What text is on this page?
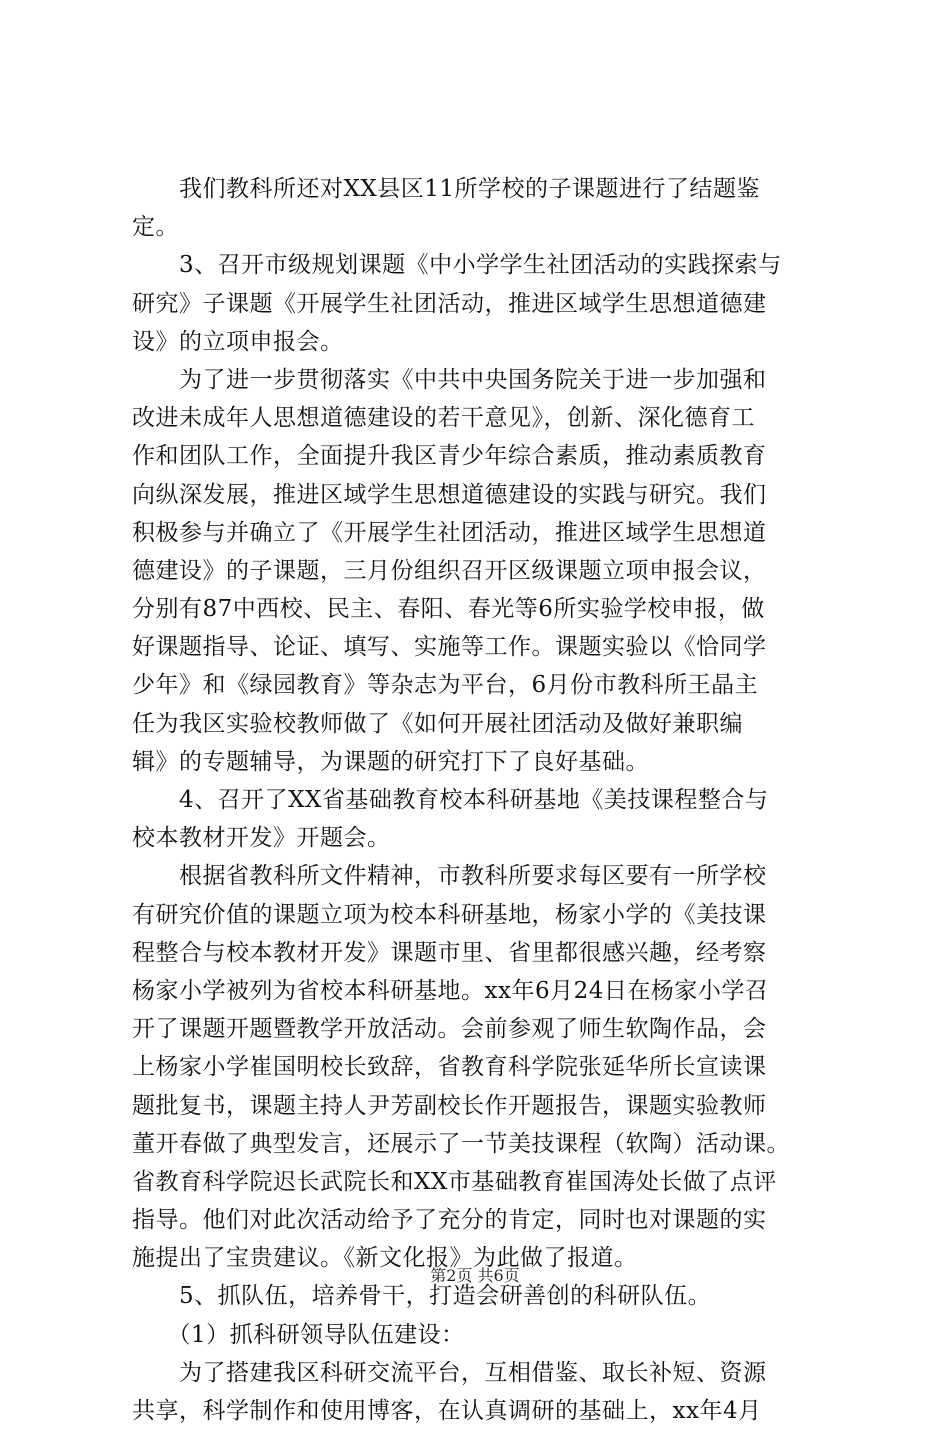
　　我们教科所还对XX县区11所学校的子课题进行了结题鉴
定。
　　3、召开市级规划课题《中小学学生社团活动的实践探索与
研究》子课题《开展学生社团活动，推进区域学生思想道德建
设》的立项申报会。
　　为了进一步贯彻落实《中共中央国务院关于进一步加强和
改进未成年人思想道德建设的若干意见》，创新、深化德育工
作和团队工作，全面提升我区青少年综合素质，推动素质教育
向纵深发展，推进区域学生思想道德建设的实践与研究。我们
积极参与并确立了《开展学生社团活动，推进区域学生思想道
德建设》的子课题，三月份组织召开区级课题立项申报会议，
分别有87中西校、民主、春阳、春光等6所实验学校申报，做
好课题指导、论证、填写、实施等工作。课题实验以《恰同学
少年》和《绿园教育》等杂志为平台，6月份市教科所王晶主
任为我区实验校教师做了《如何开展社团活动及做好兼职编
辑》的专题辅导，为课题的研究打下了良好基础。
　　4、召开了XX省基础教育校本科研基地《美技课程整合与
校本教材开发》开题会。
　　根据省教科所文件精神，市教科所要求每区要有一所学校
有研究价值的课题立项为校本科研基地，杨家小学的《美技课
程整合与校本教材开发》课题市里、省里都很感兴趣，经考察
杨家小学被列为省校本科研基地。xx年6月24日在杨家小学召
开了课题开题暨教学开放活动。会前参观了师生软陶作品，会
上杨家小学崔国明校长致辞，省教育科学院张延华所长宣读课
题批复书，课题主持人尹芳副校长作开题报告，课题实验教师
董开春做了典型发言，还展示了一节美技课程（软陶）活动课。
省教育科学院迟长武院长和XX市基础教育崔国涛处长做了点评
指导。他们对此次活动给予了充分的肯定，同时也对课题的实
施提出了宝贵建议。《新文化报》为此做了报道。
　　5、抓队伍，培养骨干，打造会研善创的科研队伍。
　　（1）抓科研领导队伍建设：
　　为了搭建我区科研交流平台，互相借鉴、取长补短、资源
共享，科学制作和使用博客，在认真调研的基础上，xx年4月
第2页 共6页
